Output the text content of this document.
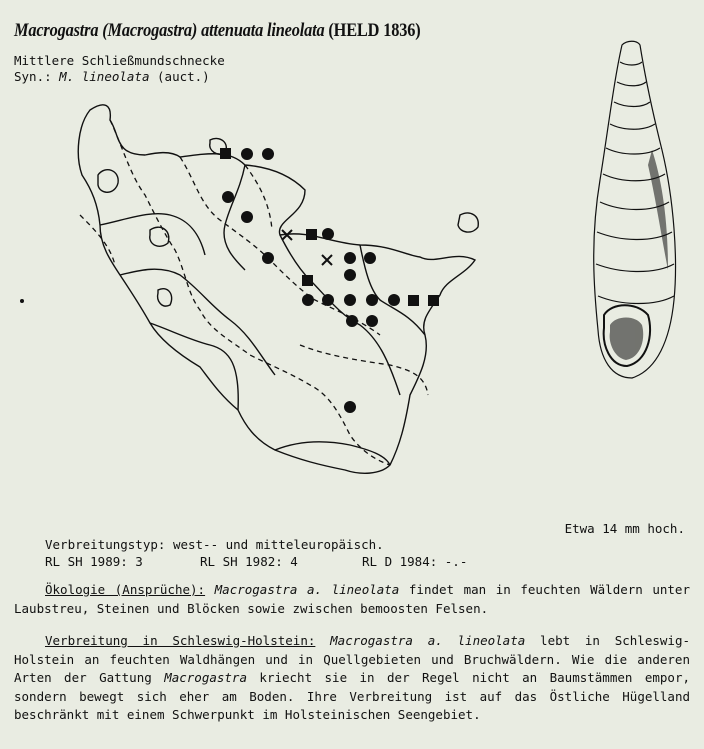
Macrogastra (Macrogastra) attenuata lineolata (HELD 1836)
Mittlere Schließmundschnecke
Syn.: M. lineolata (auct.)
Etwa 14 mm hoch.
Verbreitungstyp: west-- und mitteleuropäisch.
RL SH 1989: 3	RL SH 1982: 4	RL D 1984: -.-
Ökologie (Ansprüche): Macrogastra a. lineolata findet man in feuchten Wäldern unter Laubstreu, Steinen und Blöcken sowie zwischen bemoosten Felsen.
Verbreitung in Schleswig-Holstein: Macrogastra a. lineolata lebt in Schleswig-Holstein an feuchten Waldhängen und in Quellgebieten und Bruchwäldern. Wie die anderen Arten der Gattung Macrogastra kriecht sie in der Regel nicht an Baumstämmen empor, sondern bewegt sich eher am Boden. Ihre Verbreitung ist auf das Östliche Hügelland beschränkt mit einem Schwerpunkt im Holsteinischen Seengebiet.
